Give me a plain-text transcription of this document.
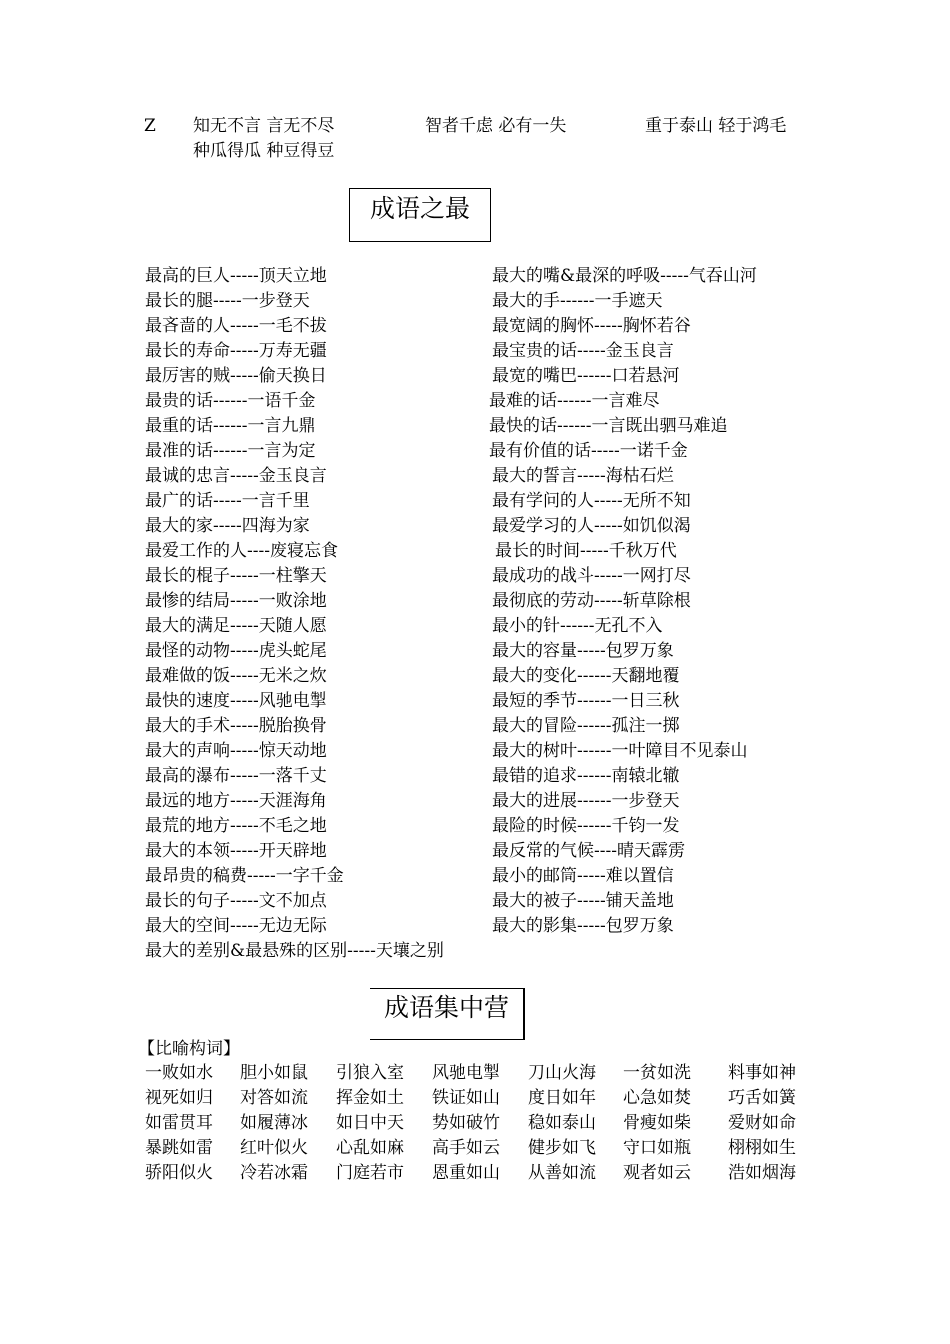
Z 知无不言 言无不尽	智者千虑 必有一失	重于泰山 轻于鸿毛
种瓜得瓜 种豆得豆
成语之最
最高的巨人-----顶天立地
最长的腿-----一步登天
最吝啬的人-----一毛不拔
最长的寿命-----万寿无疆
最厉害的贼-----偷天换日
最贵的话------一语千金
最重的话------一言九鼎
最准的话------一言为定
最诚的忠言-----金玉良言
最广的话-----一言千里
最大的家-----四海为家
最爱工作的人----废寝忘食
最长的棍子-----一柱擎天
最惨的结局-----一败涂地
最大的满足-----天随人愿
最怪的动物-----虎头蛇尾
最难做的饭-----无米之炊
最快的速度-----风驰电掣
最大的手术-----脱胎换骨
最大的声响-----惊天动地
最高的瀑布-----一落千丈
最远的地方-----天涯海角
最荒的地方-----不毛之地
最大的本领-----开天辟地
最昂贵的稿费-----一字千金
最长的句子-----文不加点
最大的空间-----无边无际
最大的差别&最悬殊的区别-----天壤之别
最大的嘴&最深的呼吸-----气吞山河
最大的手------一手遮天
最宽阔的胸怀-----胸怀若谷
最宝贵的话-----金玉良言
最宽的嘴巴------口若悬河
最难的话------一言难尽
最快的话------一言既出驷马难追
最有价值的话-----一诺千金
最大的誓言-----海枯石烂
最有学问的人-----无所不知
最爱学习的人-----如饥似渴
最长的时间-----千秋万代
最成功的战斗-----一网打尽
最彻底的劳动-----斩草除根
最小的针------无孔不入
最大的容量-----包罗万象
最大的变化------天翻地覆
最短的季节------一日三秋
最大的冒险------孤注一掷
最大的树叶------一叶障目不见泰山
最错的追求------南辕北辙
最大的进展------一步登天
最险的时候------千钧一发
最反常的气候----晴天霹雳
最小的邮筒-----难以置信
最大的被子-----铺天盖地
最大的影集-----包罗万象
成语集中营
【比喻构词】
一败如水 胆小如鼠 引狼入室 风驰电掣 刀山火海 一贫如洗 料事如神
视死如归 对答如流 挥金如土 铁证如山 度日如年 心急如焚 巧舌如簧
如雷贯耳 如履薄冰 如日中天 势如破竹 稳如泰山 骨瘦如柴 爱财如命
暴跳如雷 红叶似火 心乱如麻 高手如云 健步如飞 守口如瓶 栩栩如生
骄阳似火 冷若冰霜 门庭若市 恩重如山 从善如流 观者如云 浩如烟海
